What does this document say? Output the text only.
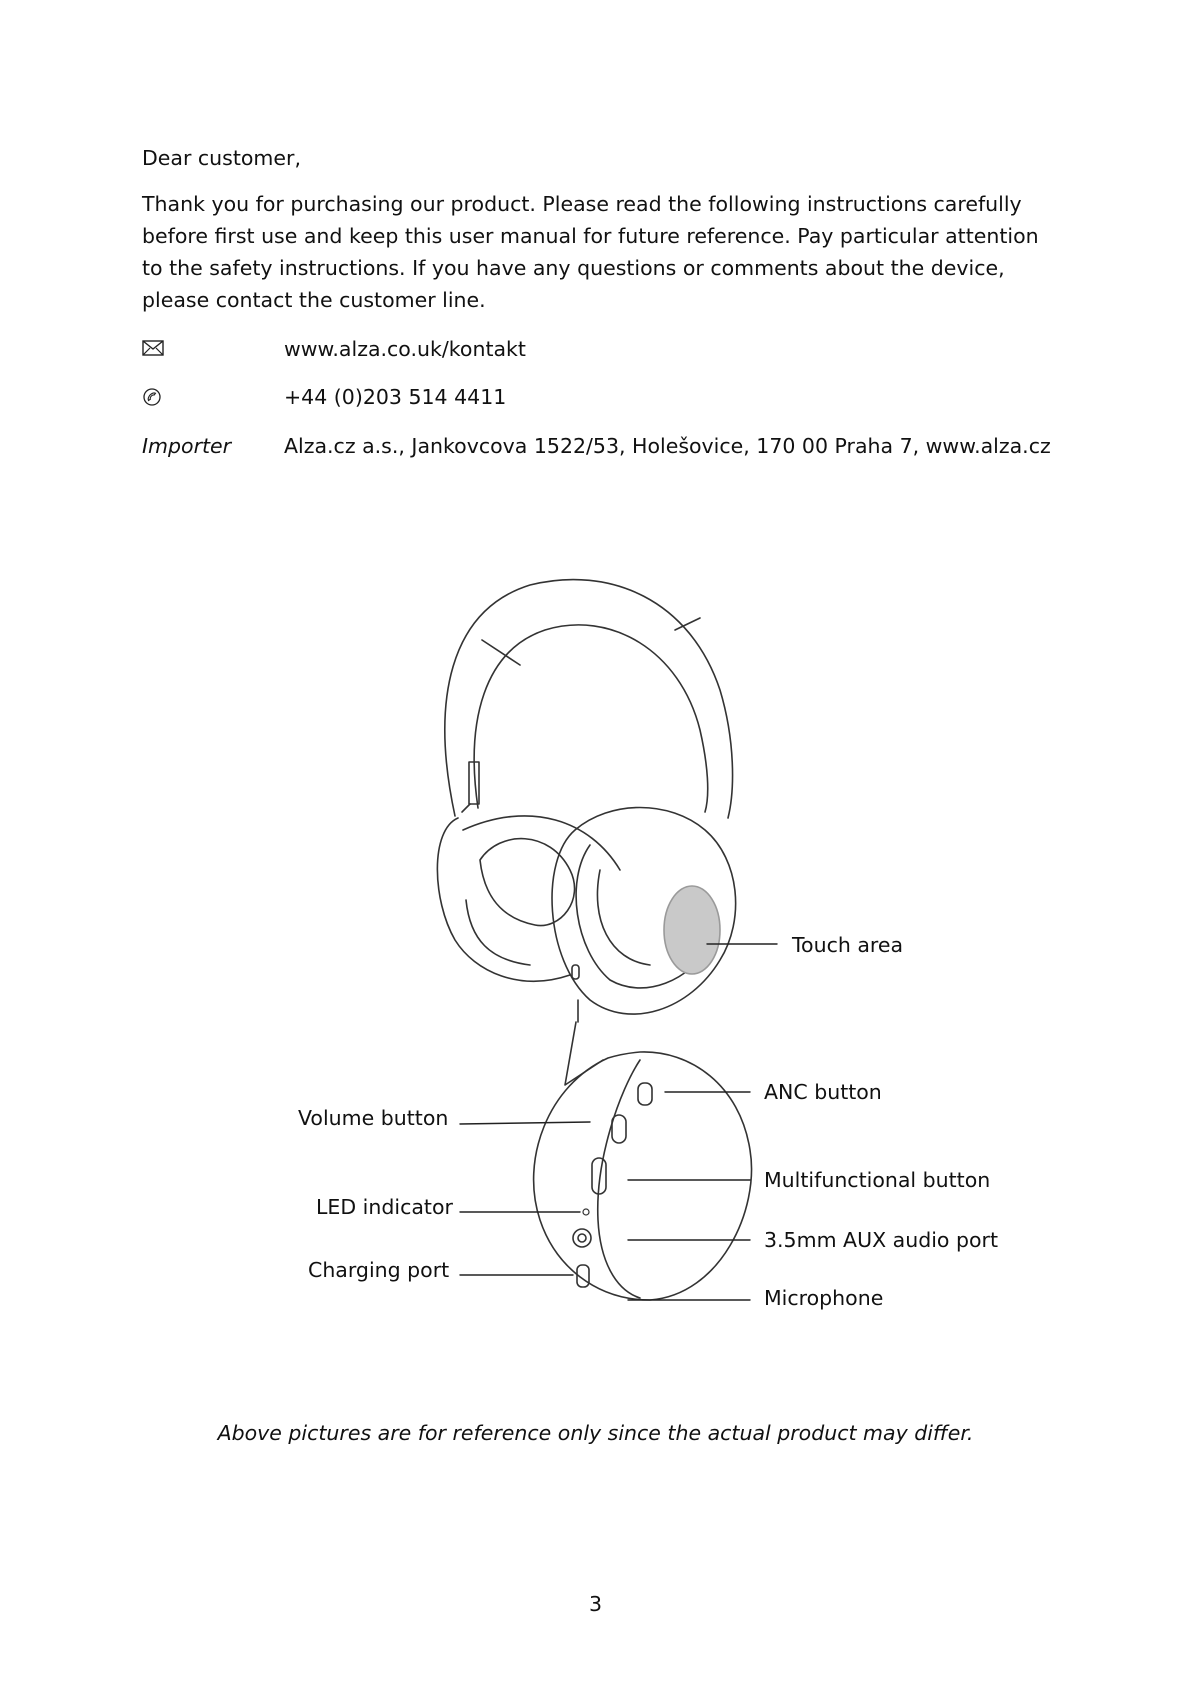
Dear customer,

Thank you for purchasing our product. Please read the following instructions carefully before first use and keep this user manual for future reference. Pay particular attention to the safety instructions. If you have any questions or comments about the device, please contact the customer line.

www.alza.co.uk/kontakt
+44 (0)203 514 4411
Importer	Alza.cz a.s., Jankovcova 1522/53, Holešovice, 170 00 Praha 7, www.alza.cz
Touch area
ANC button
Volume button
Multifunctional button
LED indicator
3.5mm AUX audio port
Charging port
Microphone
Above pictures are for reference only since the actual product may differ.
3
